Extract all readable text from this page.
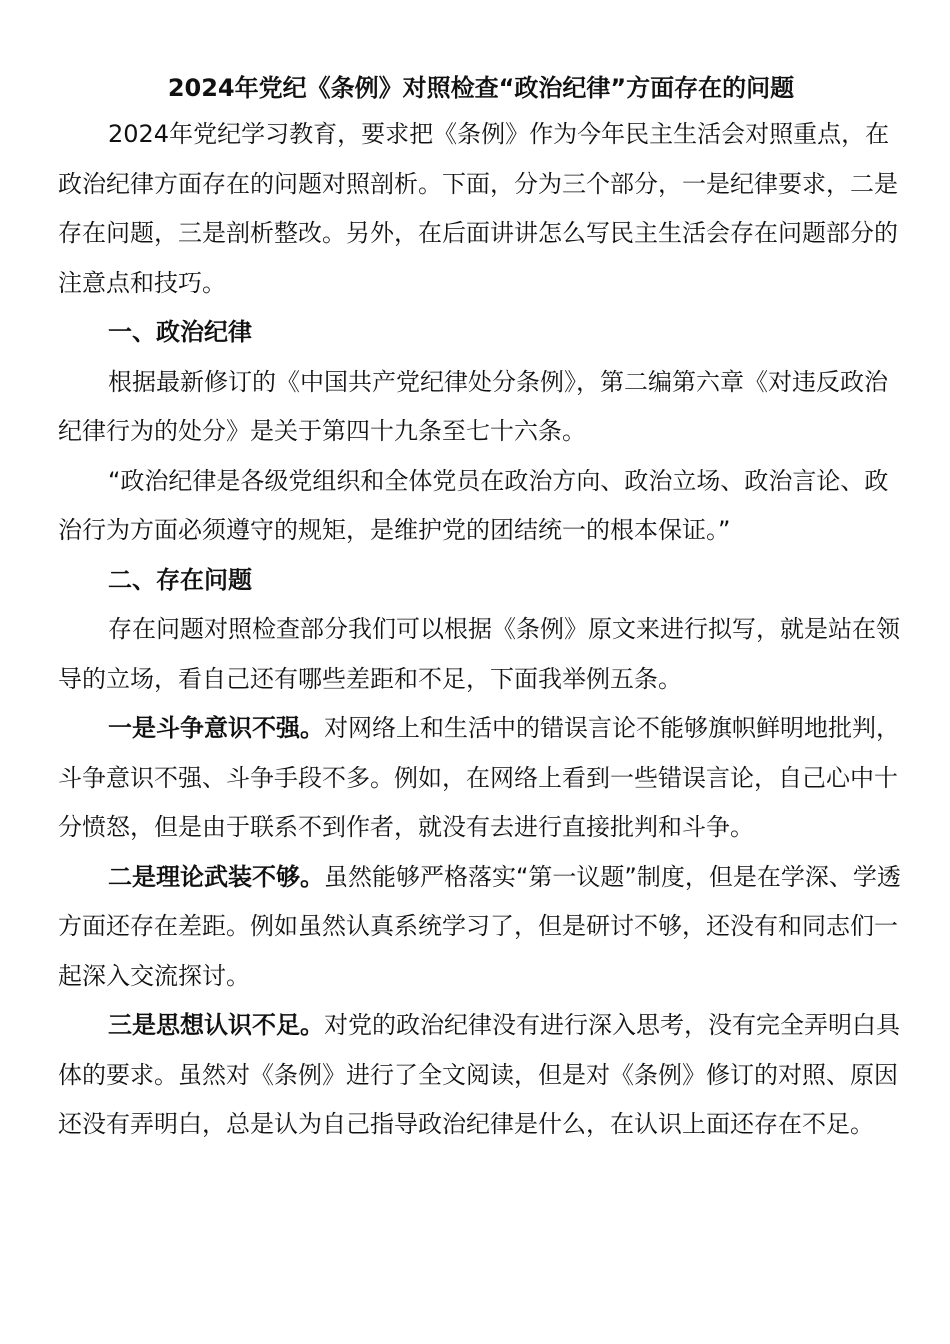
2024年党纪《条例》对照检查“政治纪律”方面存在的问题

2024年党纪学习教育，要求把《条例》作为今年民主生活会对照重点，在政治纪律方面存在的问题对照剖析。下面，分为三个部分，一是纪律要求，二是存在问题，三是剖析整改。另外，在后面讲讲怎么写民主生活会存在问题部分的注意点和技巧。

一、政治纪律

根据最新修订的《中国共产党纪律处分条例》，第二编第六章《对违反政治纪律行为的处分》是关于第四十九条至七十六条。

“政治纪律是各级党组织和全体党员在政治方向、政治立场、政治言论、政治行为方面必须遵守的规矩，是维护党的团结统一的根本保证。”

二、存在问题

存在问题对照检查部分我们可以根据《条例》原文来进行拟写，就是站在领导的立场，看自己还有哪些差距和不足，下面我举例五条。

一是斗争意识不强。对网络上和生活中的错误言论不能够旗帜鲜明地批判，斗争意识不强、斗争手段不多。例如，在网络上看到一些错误言论，自己心中十分愤怒，但是由于联系不到作者，就没有去进行直接批判和斗争。

二是理论武装不够。虽然能够严格落实“第一议题”制度，但是在学深、学透方面还存在差距。例如虽然认真系统学习了，但是研讨不够，还没有和同志们一起深入交流探讨。

三是思想认识不足。对党的政治纪律没有进行深入思考，没有完全弄明白具体的要求。虽然对《条例》进行了全文阅读，但是对《条例》修订的对照、原因还没有弄明白，总是认为自己指导政治纪律是什么，在认识上面还存在不足。
